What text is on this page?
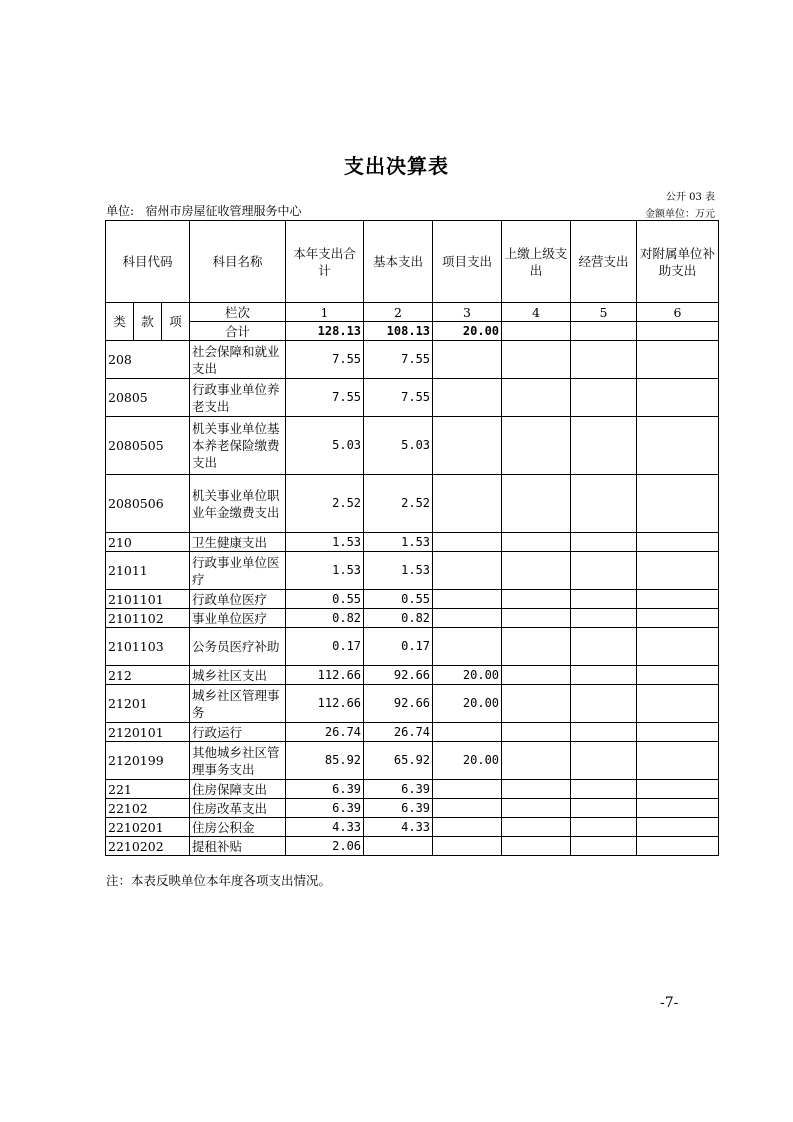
支出决算表
公开 03 表
单位: 宿州市房屋征收管理服务中心	金额单位：万元
科目代码			科目名称	本年支出合计	基本支出	项目支出	上缴上级支出	经营支出	对附属单位补助支出
类	款	项	栏次	1	2	3	4	5	6
			合计	128.13	108.13	20.00			
208			社会保障和就业支出	7.55	7.55				
20805			行政事业单位养老支出	7.55	7.55				
2080505			机关事业单位基本养老保险缴费支出	5.03	5.03				
2080506			机关事业单位职业年金缴费支出	2.52	2.52				
210			卫生健康支出	1.53	1.53				
21011			行政事业单位医疗	1.53	1.53				
2101101			行政单位医疗	0.55	0.55				
2101102			事业单位医疗	0.82	0.82				
2101103			公务员医疗补助	0.17	0.17				
212			城乡社区支出	112.66	92.66	20.00			
21201			城乡社区管理事务	112.66	92.66	20.00			
2120101			行政运行	26.74	26.74				
2120199			其他城乡社区管理事务支出	85.92	65.92	20.00			
221			住房保障支出	6.39	6.39				
22102			住房改革支出	6.39	6.39				
2210201			住房公积金	4.33	4.33				
2210202			提租补贴	2.06					
注：本表反映单位本年度各项支出情况。
-7-
